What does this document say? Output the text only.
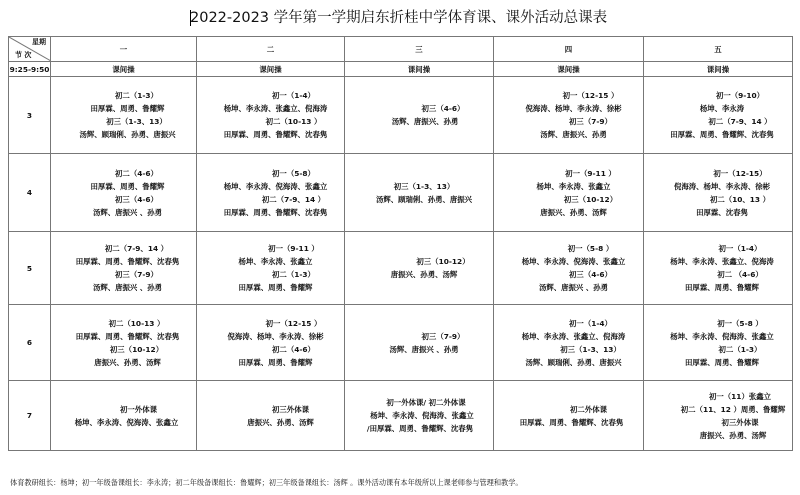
2022-2023 学年第一学期启东折桂中学体育课、课外活动总课表
星期
节 次	一	二	三	四	五
9:25-9:50	课间操	课间操	课间操	课间操	课间操
3	初二（1-3）
田厚霖、周勇、鲁耀辉
初三（1-3、13）
汤辉、顾瑞俐、孙勇、唐振兴	初一（1-4）
杨坤、李永涛、张鑫立、倪海涛
初二（10-13 ）
田厚霖、周勇、鲁耀辉、沈春隽	初三（4-6）
汤辉、唐振兴、孙勇	初一（12-15 ）
倪海涛、杨坤、李永涛、徐彬
初三（7-9）
汤辉、唐振兴、孙勇	初一（9-10）
杨坤、李永涛
初二（7-9、14 ）
田厚霖、周勇、鲁耀辉、沈春隽

4	初二（4-6）
田厚霖、周勇、鲁耀辉
初三（4-6）
汤辉、唐振兴 、孙勇	初一（5-8）
杨坤、李永涛、倪海涛、张鑫立
初二（7-9、14 ）
田厚霖、周勇、鲁耀辉、沈春隽	初三（1-3、13）
汤辉、顾瑞俐、孙勇、唐振兴	初一（9-11 ）
杨坤、李永涛、张鑫立
初三（10-12）
唐振兴、孙勇、汤辉	初一（12-15）
倪海涛、杨坤、李永涛、徐彬
初二（10、13 ）
田厚霖、沈春隽

5	初二（7-9、14 ）
田厚霖、周勇、鲁耀辉、沈春隽
初三（7-9）
汤辉、唐振兴 、孙勇	初一（9-11 ）
杨坤、李永涛、张鑫立
初二（1-3）
田厚霖、周勇、鲁耀辉	初三（10-12）
唐振兴、孙勇、汤辉	初一（5-8 ）
杨坤、李永涛、倪海涛、张鑫立
初三（4-6）
汤辉、唐振兴 、孙勇	初一（1-4）
杨坤、李永涛、张鑫立、倪海涛
初二 （4-6）
田厚霖、周勇、鲁耀辉

6	初二（10-13 ）
田厚霖、周勇、鲁耀辉、沈春隽
初三（10-12）
唐振兴、孙勇、汤辉	初一（12-15 ）
倪海涛、杨坤、李永涛、徐彬
初二（4-6）
田厚霖、周勇、鲁耀辉	初三（7-9）
汤辉、唐振兴 、孙勇	初一（1-4）
杨坤、李永涛、张鑫立、倪海涛
初三（1-3、13）
汤辉、顾瑞俐、孙勇、唐振兴	初一（5-8 ）
杨坤、李永涛、倪海涛、张鑫立
初二（1-3）
田厚霖、周勇、鲁耀辉

7	初一外体课
杨坤、李永涛、倪海涛、张鑫立	初三外体课
唐振兴、孙勇、汤辉	初一外体课/ 初二外体课
杨坤、李永涛、倪海涛、张鑫立
/田厚霖、周勇、鲁耀辉、沈春隽	初二外体课
田厚霖、周勇、鲁耀辉、沈春隽	初一（11）张鑫立
初二（11、12 ）周勇、鲁耀辉
初三外体课
唐振兴、孙勇、汤辉
体育教研组长：杨坤；初一年级备课组长：李永涛；初二年级备课组长：鲁耀辉；初三年级备课组长：汤辉 。课外活动课有本年级所以上课老师参与管理和教学。
